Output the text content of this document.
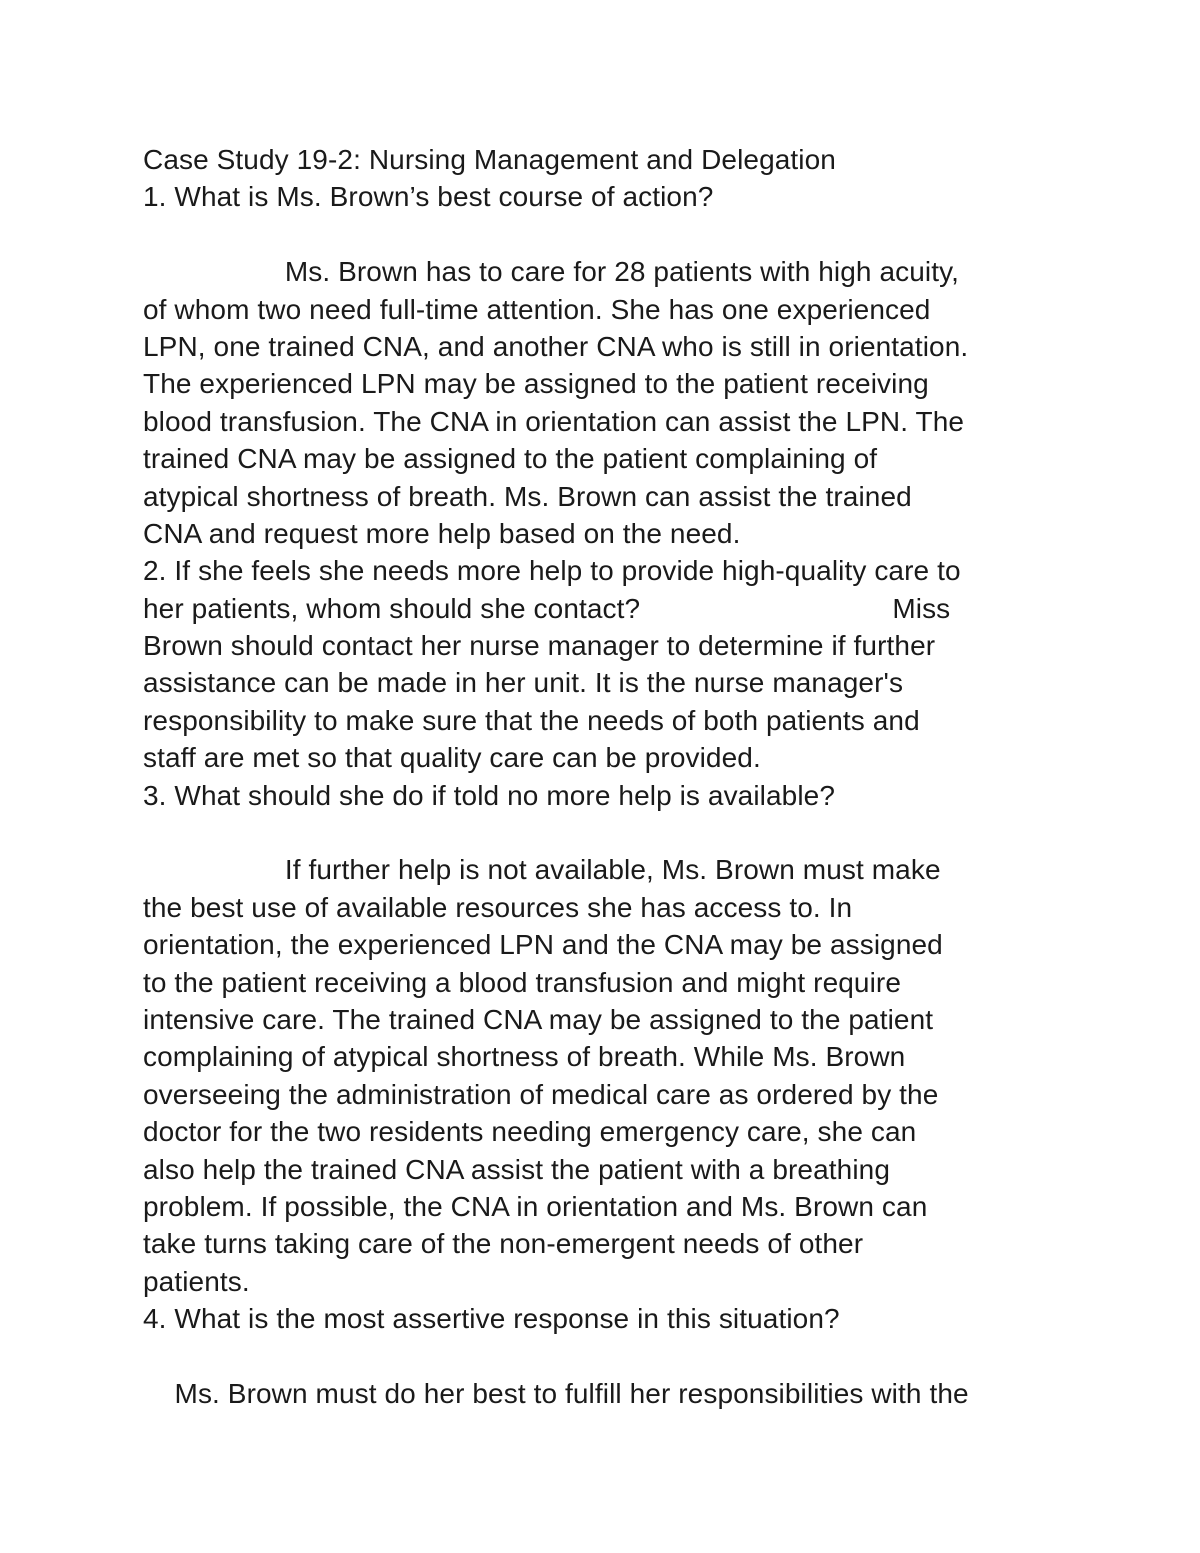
Case Study 19-2: Nursing Management and Delegation
1. What is Ms. Brown’s best course of action?
Ms. Brown has to care for 28 patients with high acuity,
of whom two need full-time attention. She has one experienced
LPN, one trained CNA, and another CNA who is still in orientation.
The experienced LPN may be assigned to the patient receiving
blood transfusion. The CNA in orientation can assist the LPN. The
trained CNA may be assigned to the patient complaining of
atypical shortness of breath. Ms. Brown can assist the trained
CNA and request more help based on the need.
2. If she feels she needs more help to provide high-quality care to
her patients, whom should she contact?                                Miss
Brown should contact her nurse manager to determine if further
assistance can be made in her unit. It is the nurse manager's
responsibility to make sure that the needs of both patients and
staff are met so that quality care can be provided.
3. What should she do if told no more help is available?
If further help is not available, Ms. Brown must make
the best use of available resources she has access to. In
orientation, the experienced LPN and the CNA may be assigned
to the patient receiving a blood transfusion and might require
intensive care. The trained CNA may be assigned to the patient
complaining of atypical shortness of breath. While Ms. Brown
overseeing the administration of medical care as ordered by the
doctor for the two residents needing emergency care, she can
also help the trained CNA assist the patient with a breathing
problem. If possible, the CNA in orientation and Ms. Brown can
take turns taking care of the non-emergent needs of other
patients.
4. What is the most assertive response in this situation?
Ms. Brown must do her best to fulfill her responsibilities with the
